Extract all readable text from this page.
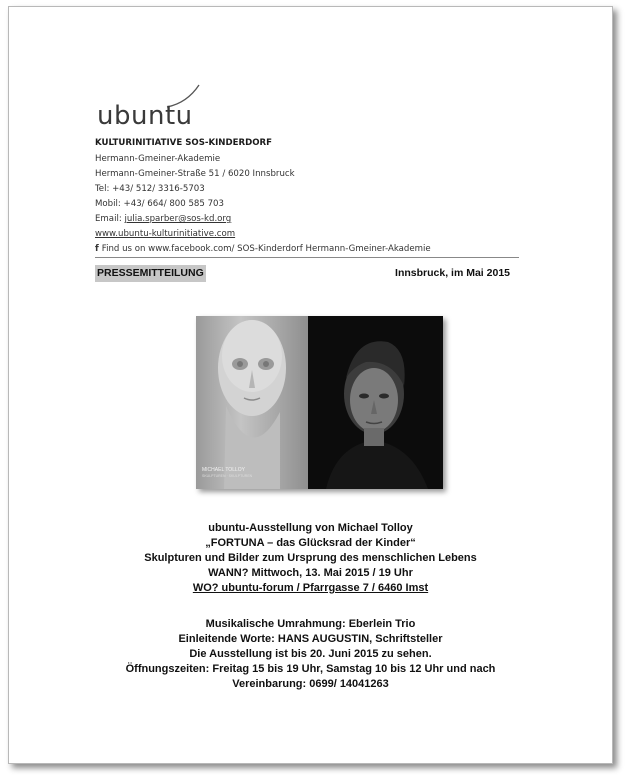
ubuntu
KULTURINITIATIVE SOS-KINDERDORF
Hermann-Gmeiner-Akademie
Hermann-Gmeiner-Straße 51 / 6020 Innsbruck
Tel: +43/ 512/ 3316-5703
Mobil: +43/ 664/ 800 585 703
Email: julia.sparber@sos-kd.org
www.ubuntu-kulturinitiative.com
f Find us on www.facebook.com/ SOS-Kinderdorf Hermann-Gmeiner-Akademie
PRESSEMITTEILUNG	Innsbruck, im Mai 2015
MICHAEL TOLLOY
SKULPTUREN · SKULPTUREN
ubuntu-Ausstellung von Michael Tolloy
„FORTUNA – das Glücksrad der Kinder“
Skulpturen und Bilder zum Ursprung des menschlichen Lebens
WANN? Mittwoch, 13. Mai 2015 / 19 Uhr
WO? ubuntu-forum / Pfarrgasse 7 / 6460 Imst
Musikalische Umrahmung: Eberlein Trio
Einleitende Worte: HANS AUGUSTIN, Schriftsteller
Die Ausstellung ist bis 20. Juni 2015 zu sehen.
Öffnungszeiten: Freitag 15 bis 19 Uhr, Samstag 10 bis 12 Uhr und nach
Vereinbarung: 0699/ 14041263
